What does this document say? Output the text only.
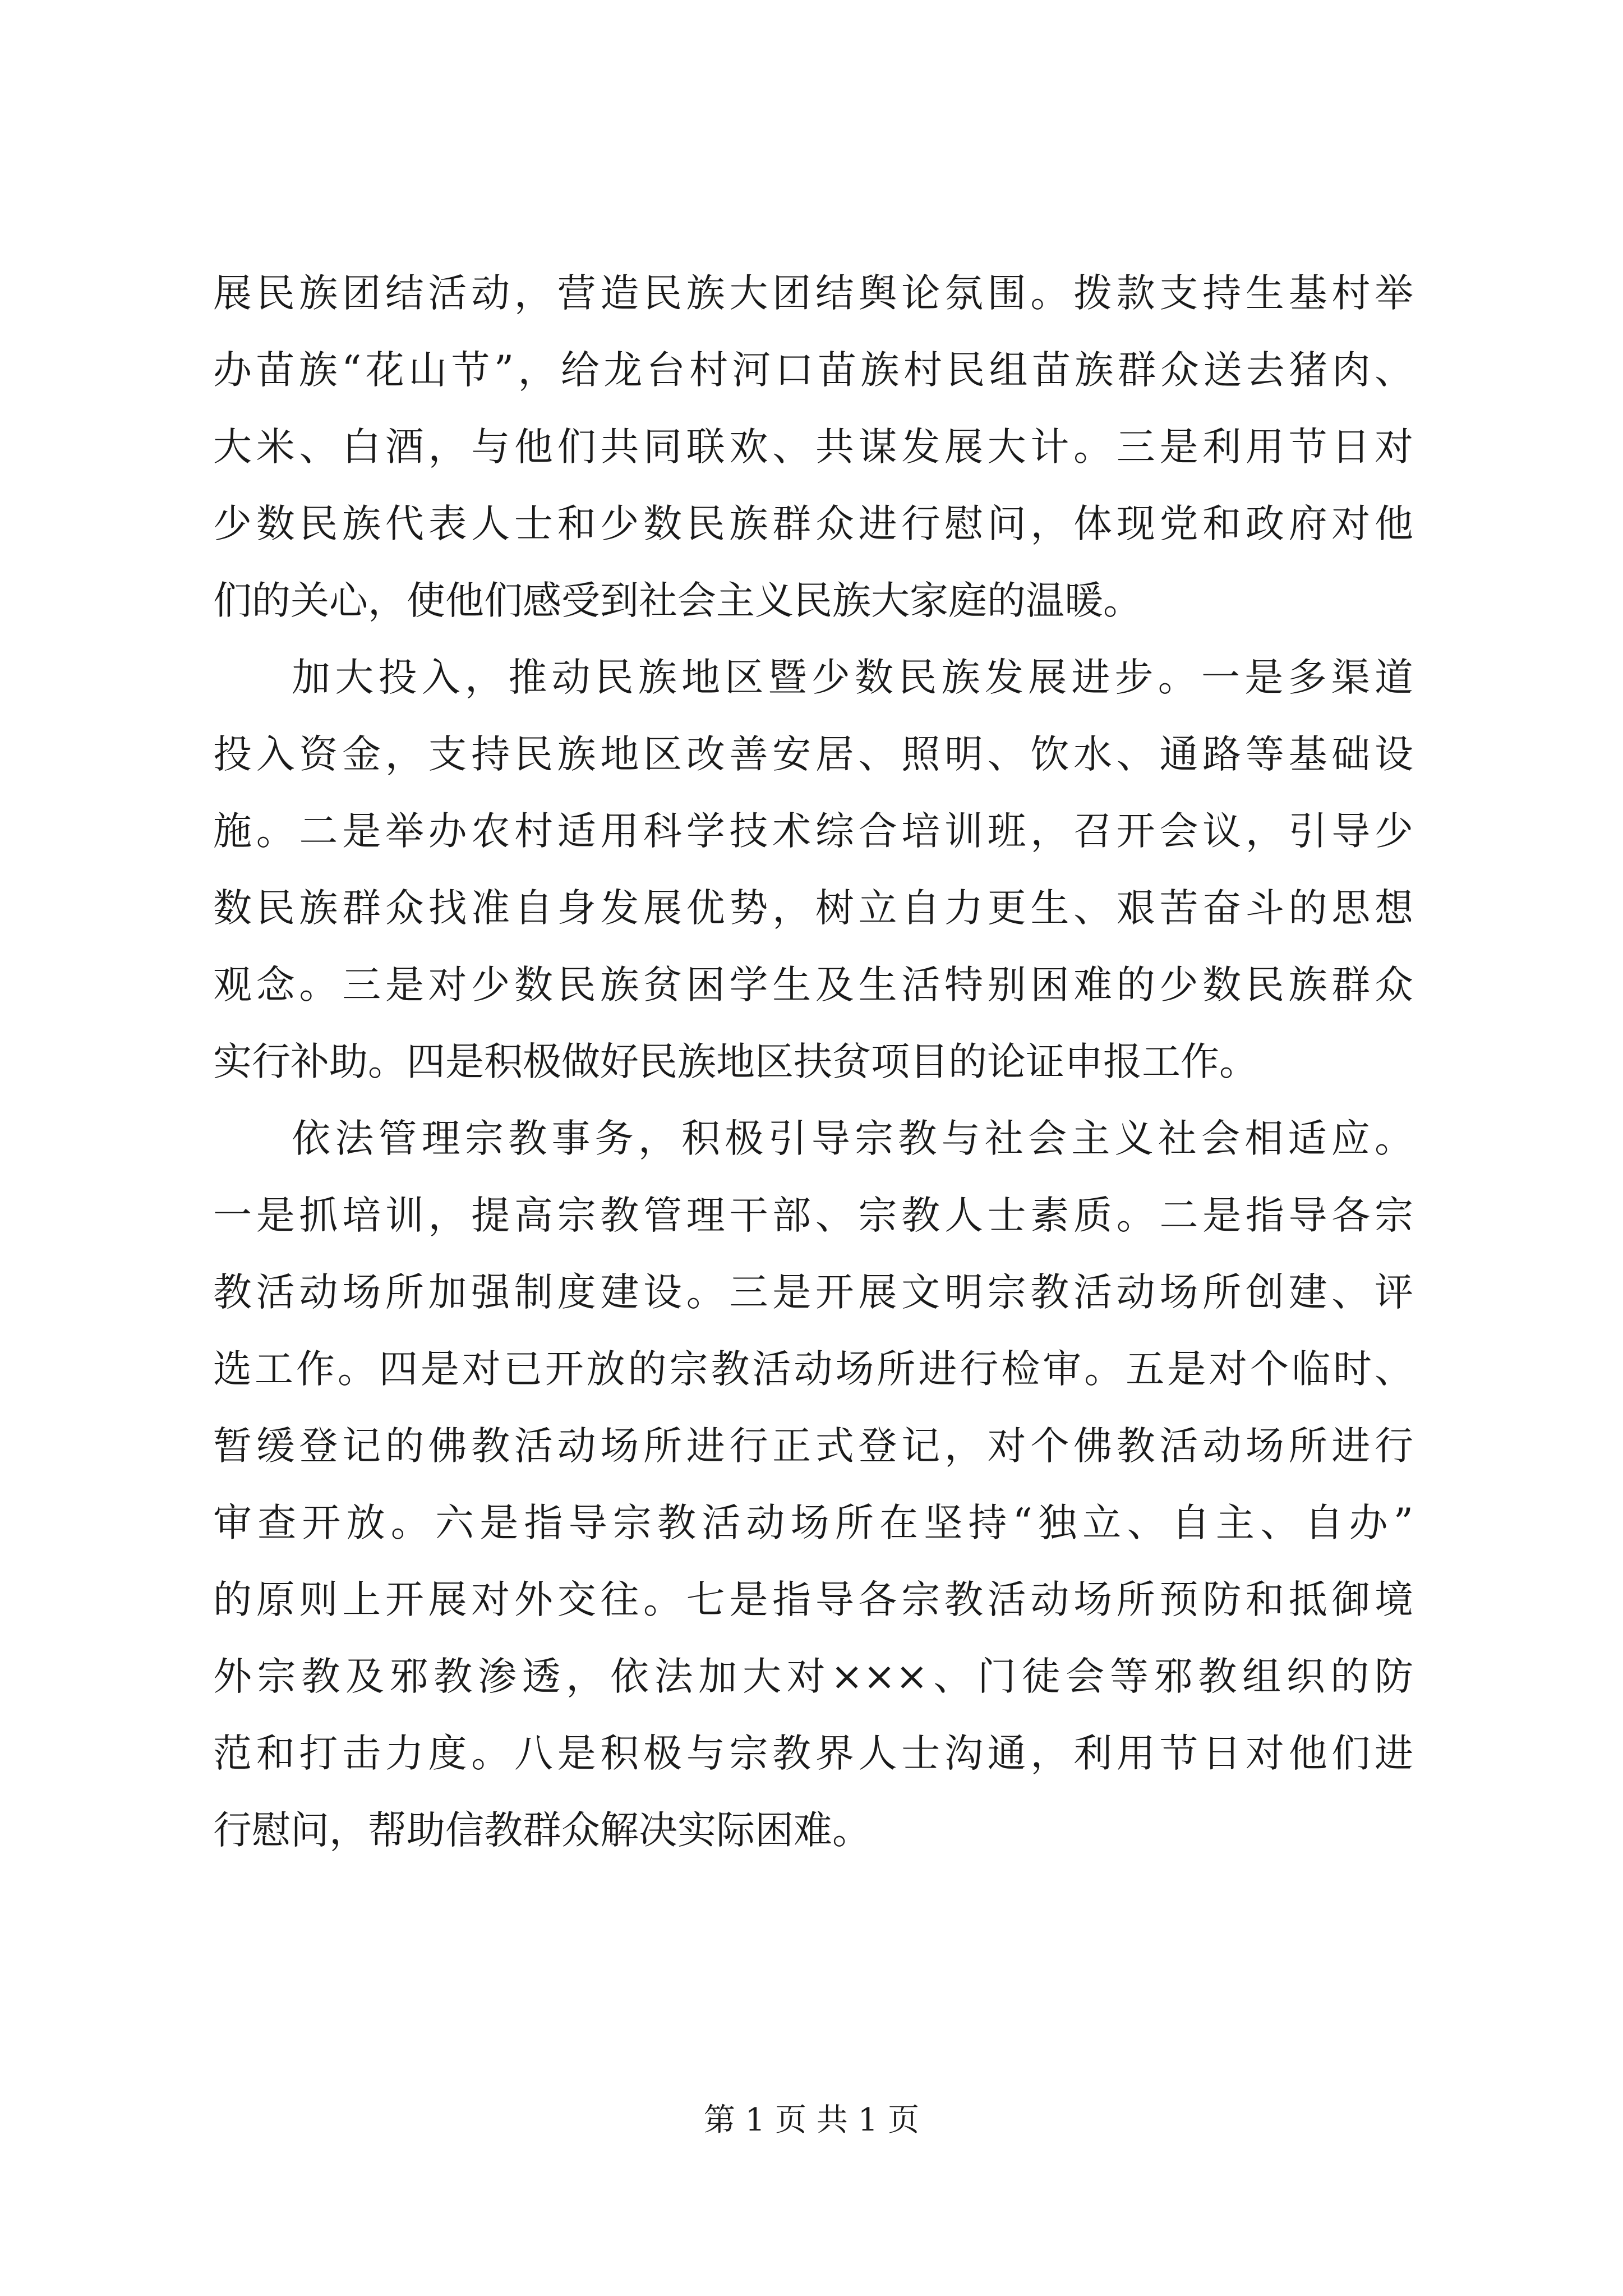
展民族团结活动，营造民族大团结舆论氛围。拨款支持生基村举
办苗族“花山节”，给龙台村河口苗族村民组苗族群众送去猪肉、
大米、白酒，与他们共同联欢、共谋发展大计。三是利用节日对
少数民族代表人士和少数民族群众进行慰问，体现党和政府对他
们的关心，使他们感受到社会主义民族大家庭的温暖。
加大投入，推动民族地区暨少数民族发展进步。一是多渠道
投入资金，支持民族地区改善安居、照明、饮水、通路等基础设
施。二是举办农村适用科学技术综合培训班，召开会议，引导少
数民族群众找准自身发展优势，树立自力更生、艰苦奋斗的思想
观念。三是对少数民族贫困学生及生活特别困难的少数民族群众
实行补助。四是积极做好民族地区扶贫项目的论证申报工作。
依法管理宗教事务，积极引导宗教与社会主义社会相适应。
一是抓培训，提高宗教管理干部、宗教人士素质。二是指导各宗
教活动场所加强制度建设。三是开展文明宗教活动场所创建、评
选工作。四是对已开放的宗教活动场所进行检审。五是对个临时、
暂缓登记的佛教活动场所进行正式登记，对个佛教活动场所进行
审查开放。六是指导宗教活动场所在坚持“独立、自主、自办”
的原则上开展对外交往。七是指导各宗教活动场所预防和抵御境
外宗教及邪教渗透，依法加大对×××、门徒会等邪教组织的防
范和打击力度。八是积极与宗教界人士沟通，利用节日对他们进
行慰问，帮助信教群众解决实际困难。
第 1 页 共 1 页
